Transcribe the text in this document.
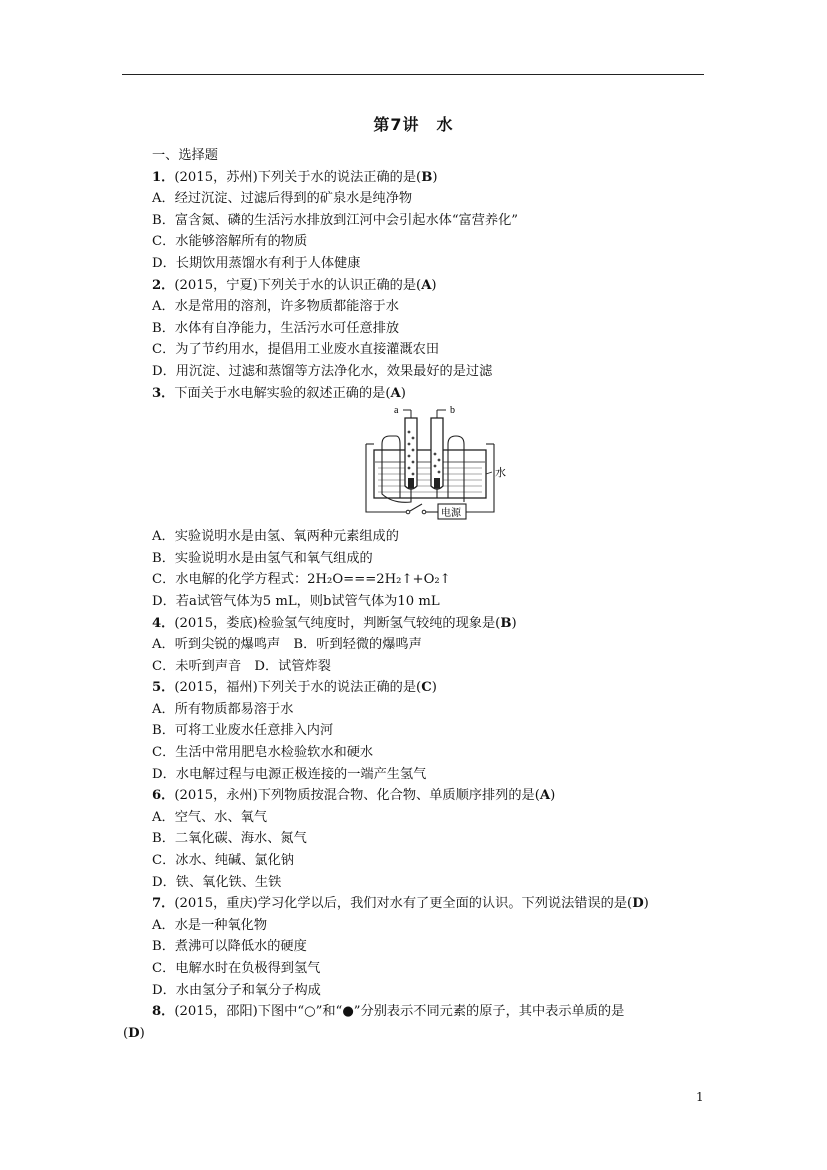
第7讲　水
一、选择题
1．(2015，苏州)下列关于水的说法正确的是(B)
A．经过沉淀、过滤后得到的矿泉水是纯净物
B．富含氮、磷的生活污水排放到江河中会引起水体“富营养化”
C．水能够溶解所有的物质
D．长期饮用蒸馏水有利于人体健康
2．(2015，宁夏)下列关于水的认识正确的是(A)
A．水是常用的溶剂，许多物质都能溶于水
B．水体有自净能力，生活污水可任意排放
C．为了节约用水，提倡用工业废水直接灌溉农田
D．用沉淀、过滤和蒸馏等方法净化水，效果最好的是过滤
3．下面关于水电解实验的叙述正确的是(A)
a	b
电源
水
A．实验说明水是由氢、氧两种元素组成的
B．实验说明水是由氢气和氧气组成的
C．水电解的化学方程式：2H₂O===2H₂↑+O₂↑
D．若a试管气体为5 mL，则b试管气体为10 mL
4．(2015，娄底)检验氢气纯度时，判断氢气较纯的现象是(B)
A．听到尖锐的爆鸣声　B．听到轻微的爆鸣声
C．未听到声音　D．试管炸裂
5．(2015，福州)下列关于水的说法正确的是(C)
A．所有物质都易溶于水
B．可将工业废水任意排入内河
C．生活中常用肥皂水检验软水和硬水
D．水电解过程与电源正极连接的一端产生氢气
6．(2015，永州)下列物质按混合物、化合物、单质顺序排列的是(A)
A．空气、水、氧气
B．二氧化碳、海水、氮气
C．冰水、纯碱、氯化钠
D．铁、氧化铁、生铁
7．(2015，重庆)学习化学以后，我们对水有了更全面的认识。下列说法错误的是(D)
A．水是一种氧化物
B．煮沸可以降低水的硬度
C．电解水时在负极得到氢气
D．水由氢分子和氧分子构成
8．(2015，邵阳)下图中“○”和“●”分别表示不同元素的原子，其中表示单质的是
(D)
1
